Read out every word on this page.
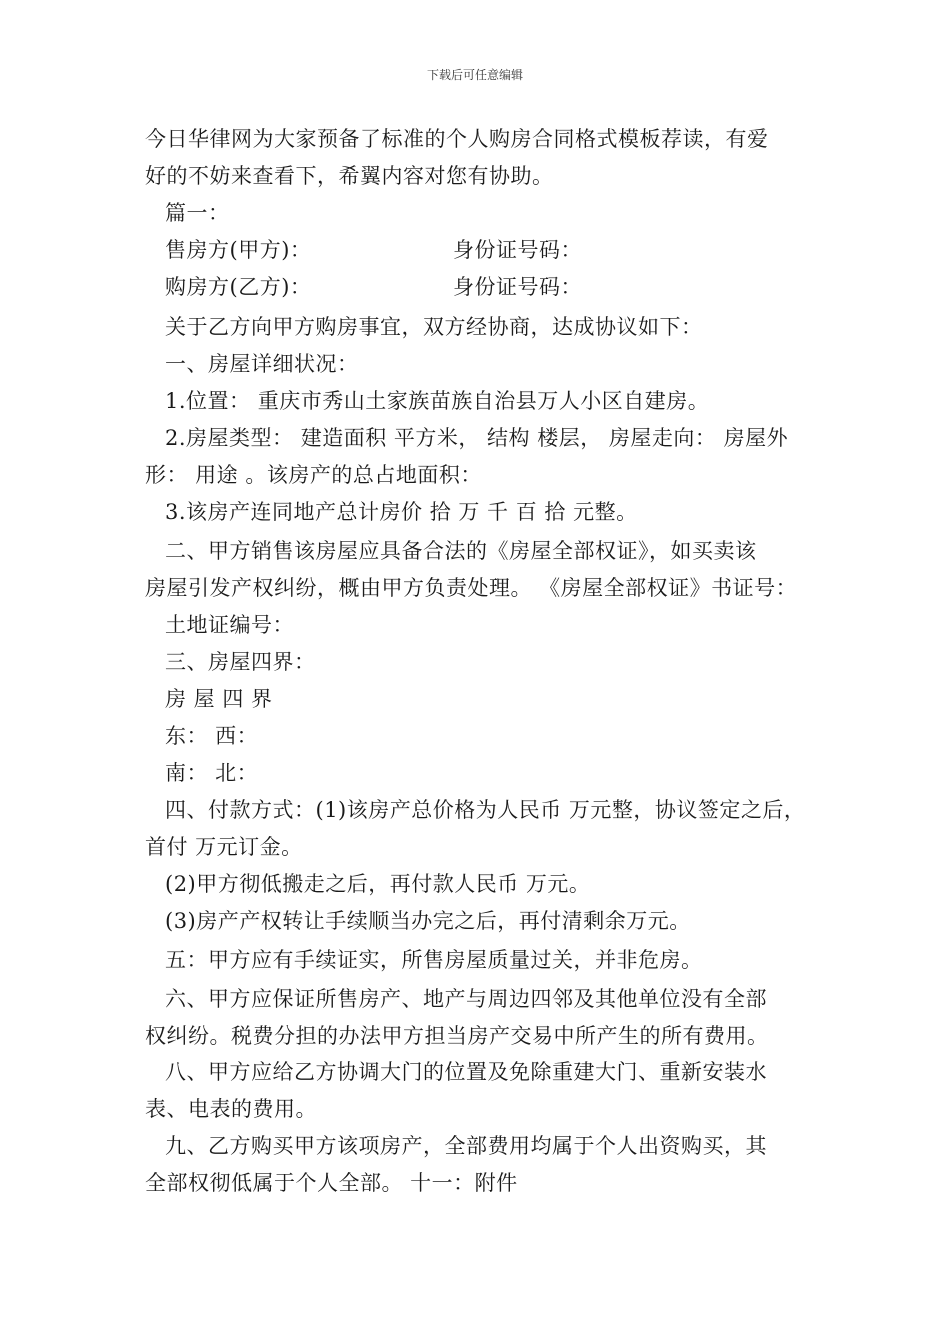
下载后可任意编辑
今日华律网为大家预备了标准的个人购房合同格式模板荐读，有爱
好的不妨来查看下，希翼内容对您有协助。
篇一：
售房方(甲方)：	身份证号码：
购房方(乙方)：	身份证号码：
关于乙方向甲方购房事宜，双方经协商，达成协议如下：
一、房屋详细状况：
1.位置： 重庆市秀山土家族苗族自治县万人小区自建房。
2.房屋类型： 建造面积 平方米， 结构 楼层， 房屋走向： 房屋外
形： 用途 。该房产的总占地面积：
3.该房产连同地产总计房价 拾 万 千 百 拾 元整。
二、甲方销售该房屋应具备合法的《房屋全部权证》，如买卖该
房屋引发产权纠纷，概由甲方负责处理。 《房屋全部权证》书证号：
土地证编号：
三、房屋四界：
房 屋 四 界
东： 西：
南： 北：
四、付款方式：(1)该房产总价格为人民币 万元整，协议签定之后，
首付 万元订金。
(2)甲方彻低搬走之后，再付款人民币 万元。
(3)房产产权转让手续顺当办完之后，再付清剩余万元。
五：甲方应有手续证实，所售房屋质量过关，并非危房。
六、甲方应保证所售房产、地产与周边四邻及其他单位没有全部
权纠纷。税费分担的办法甲方担当房产交易中所产生的所有费用。
八、甲方应给乙方协调大门的位置及免除重建大门、重新安装水
表、电表的费用。
九、乙方购买甲方该项房产，全部费用均属于个人出资购买，其
全部权彻低属于个人全部。 十一：附件
